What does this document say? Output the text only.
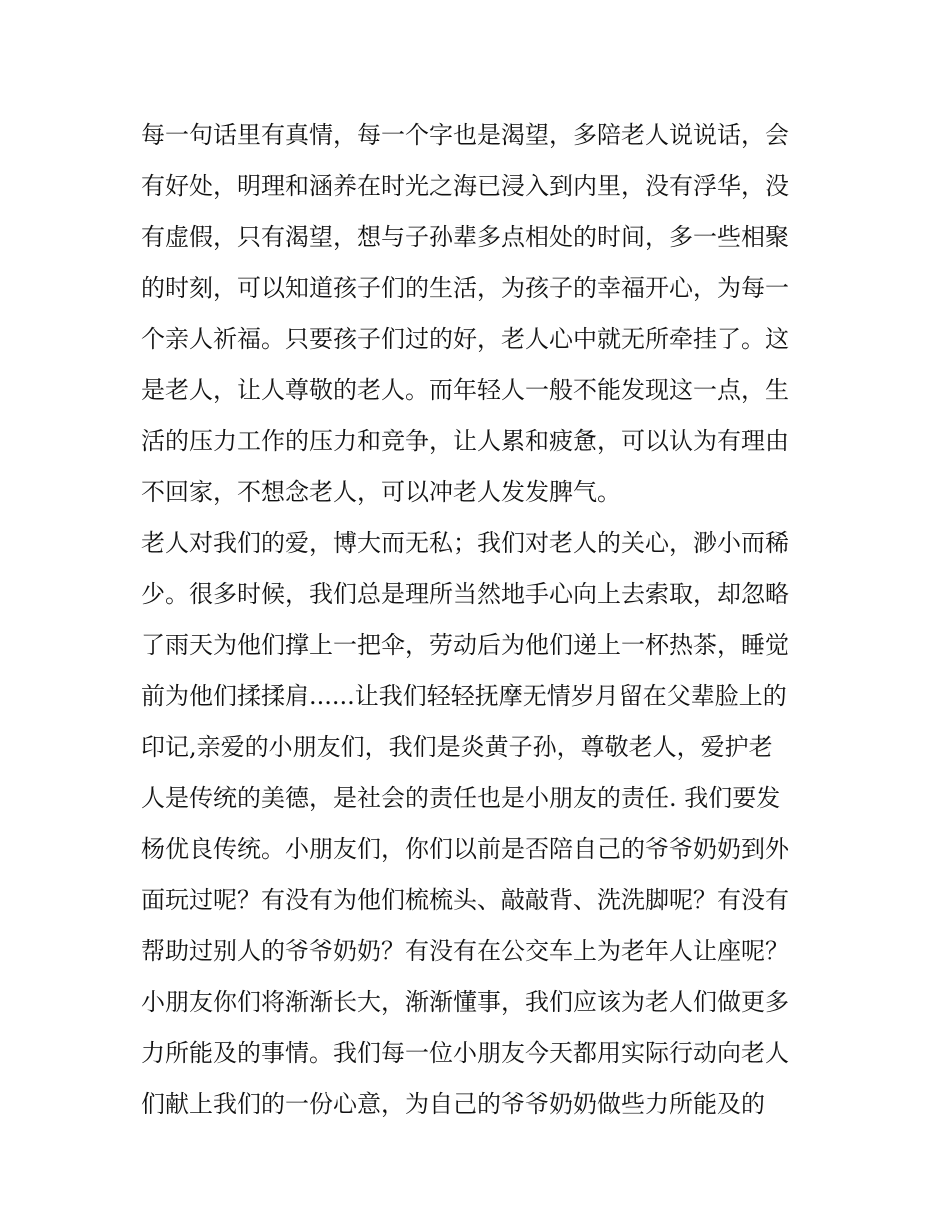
每一句话里有真情，每一个字也是渴望，多陪老人说说话，会
有好处，明理和涵养在时光之海已浸入到内里，没有浮华，没
有虚假，只有渴望，想与子孙辈多点相处的时间，多一些相聚
的时刻，可以知道孩子们的生活，为孩子的幸福开心，为每一
个亲人祈福。只要孩子们过的好，老人心中就无所牵挂了。这
是老人，让人尊敬的老人。而年轻人一般不能发现这一点，生
活的压力工作的压力和竞争，让人累和疲惫，可以认为有理由
不回家，不想念老人，可以冲老人发发脾气。
老人对我们的爱，博大而无私；我们对老人的关心，渺小而稀
少。很多时候，我们总是理所当然地手心向上去索取，却忽略
了雨天为他们撑上一把伞，劳动后为他们递上一杯热茶，睡觉
前为他们揉揉肩......让我们轻轻抚摩无情岁月留在父辈脸上的
印记,亲爱的小朋友们，我们是炎黄子孙，尊敬老人，爱护老
人是传统的美德，是社会的责任也是小朋友的责任. 我们要发
杨优良传统。小朋友们，你们以前是否陪自己的爷爷奶奶到外
面玩过呢？有没有为他们梳梳头、敲敲背、洗洗脚呢？有没有
帮助过别人的爷爷奶奶？有没有在公交车上为老年人让座呢？
小朋友你们将渐渐长大，渐渐懂事，我们应该为老人们做更多
力所能及的事情。我们每一位小朋友今天都用实际行动向老人
们献上我们的一份心意，为自己的爷爷奶奶做些力所能及的
